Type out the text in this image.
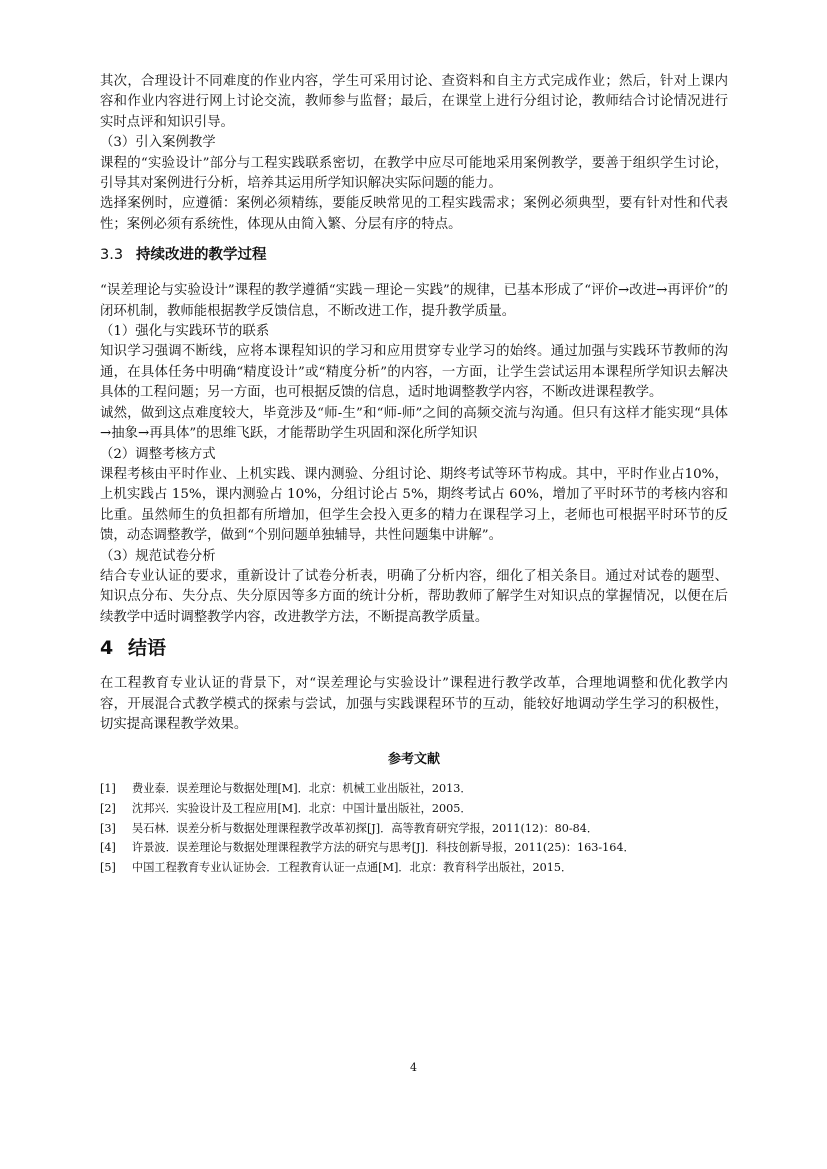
其次，合理设计不同难度的作业内容，学生可采用讨论、查资料和自主方式完成作业；然后，针对上课内容和作业内容进行网上讨论交流，教师参与监督；最后，在课堂上进行分组讨论，教师结合讨论情况进行实时点评和知识引导。

（3）引入案例教学

课程的“实验设计”部分与工程实践联系密切，在教学中应尽可能地采用案例教学，要善于组织学生讨论，引导其对案例进行分析，培养其运用所学知识解决实际问题的能力。

选择案例时，应遵循：案例必须精练，要能反映常见的工程实践需求；案例必须典型，要有针对性和代表性；案例必须有系统性，体现从由简入繁、分层有序的特点。

3.3 持续改进的教学过程

“误差理论与实验设计”课程的教学遵循“实践－理论－实践”的规律，已基本形成了“评价→改进→再评价”的闭环机制，教师能根据教学反馈信息，不断改进工作，提升教学质量。

（1）强化与实践环节的联系

知识学习强调不断线，应将本课程知识的学习和应用贯穿专业学习的始终。通过加强与实践环节教师的沟通，在具体任务中明确“精度设计”或“精度分析”的内容，一方面，让学生尝试运用本课程所学知识去解决具体的工程问题；另一方面，也可根据反馈的信息，适时地调整教学内容，不断改进课程教学。

诚然，做到这点难度较大，毕竟涉及“师-生”和“师-师”之间的高频交流与沟通。但只有这样才能实现“具体→抽象→再具体”的思维飞跃，才能帮助学生巩固和深化所学知识

（2）调整考核方式

课程考核由平时作业、上机实践、课内测验、分组讨论、期终考试等环节构成。其中，平时作业占10%，上机实践占 15%，课内测验占 10%，分组讨论占 5%，期终考试占 60%，增加了平时环节的考核内容和比重。虽然师生的负担都有所增加，但学生会投入更多的精力在课程学习上，老师也可根据平时环节的反馈，动态调整教学，做到“个别问题单独辅导，共性问题集中讲解”。

（3）规范试卷分析

结合专业认证的要求，重新设计了试卷分析表，明确了分析内容，细化了相关条目。通过对试卷的题型、知识点分布、失分点、失分原因等多方面的统计分析，帮助教师了解学生对知识点的掌握情况，以便在后续教学中适时调整教学内容，改进教学方法，不断提高教学质量。

4 结语

在工程教育专业认证的背景下，对“误差理论与实验设计”课程进行教学改革，合理地调整和优化教学内容，开展混合式教学模式的探索与尝试，加强与实践课程环节的互动，能较好地调动学生学习的积极性，切实提高课程教学效果。

参考文献
[1]	费业泰．误差理论与数据处理[M]．北京：机械工业出版社，2013．
[2]	沈邦兴．实验设计及工程应用[M]．北京：中国计量出版社，2005．
[3]	吴石林．误差分析与数据处理课程教学改革初探[J]．高等教育研究学报，2011(12)：80-84．
[4]	许景波．误差理论与数据处理课程教学方法的研究与思考[J]．科技创新导报，2011(25)：163-164．
[5]	中国工程教育专业认证协会．工程教育认证一点通[M]．北京：教育科学出版社，2015．
4
